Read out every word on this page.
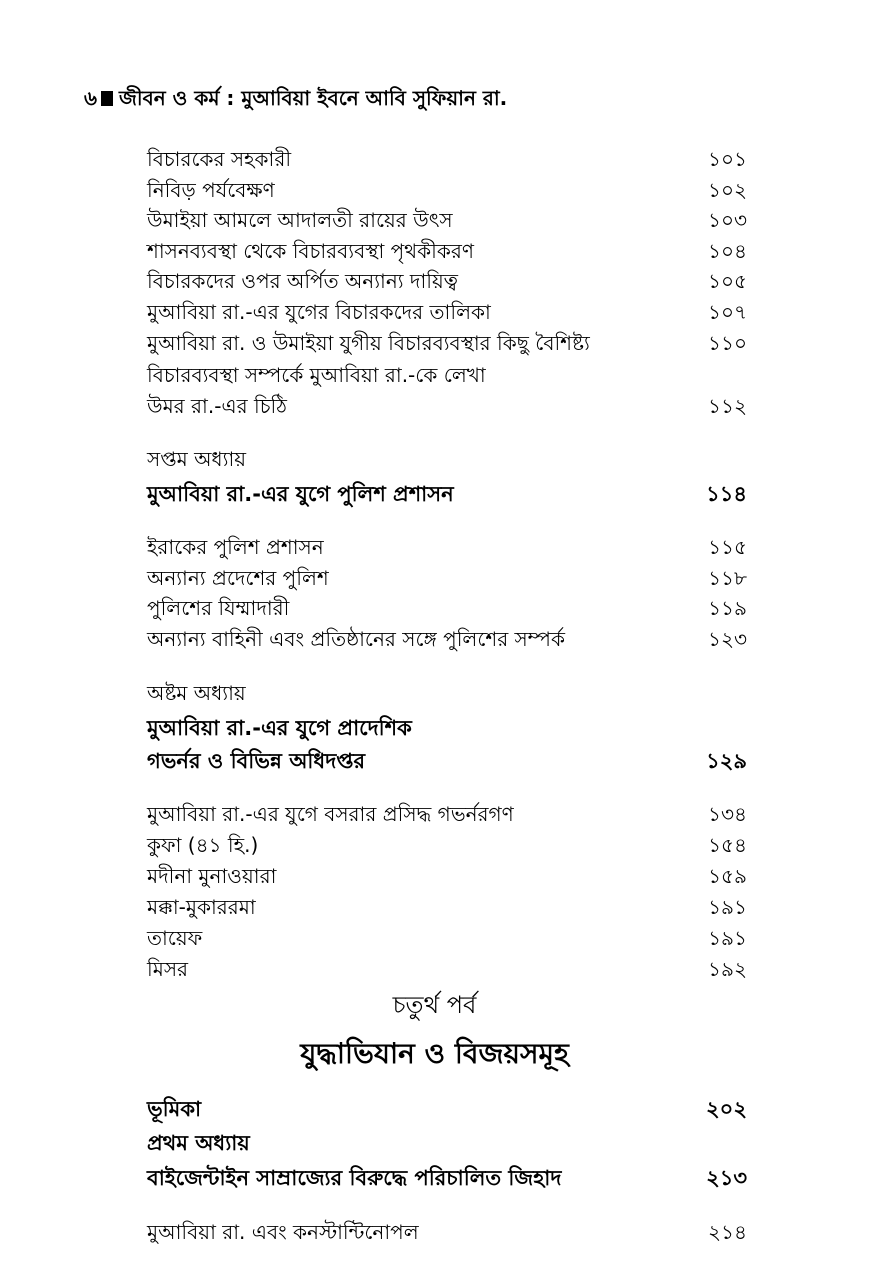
৬ জীবন ও কর্ম : মুআবিয়া ইবনে আবি সুফিয়ান রা.
বিচারকের সহকারী	১০১
নিবিড় পর্যবেক্ষণ	১০২
উমাইয়া আমলে আদালতী রায়ের উৎস	১০৩
শাসনব্যবস্থা থেকে বিচারব্যবস্থা পৃথকীকরণ	১০৪
বিচারকদের ওপর অর্পিত অন্যান্য দায়িত্ব	১০৫
মুআবিয়া রা.-এর যুগের বিচারকদের তালিকা	১০৭
মুআবিয়া রা. ও উমাইয়া যুগীয় বিচারব্যবস্থার কিছু বৈশিষ্ট্য	১১০
বিচারব্যবস্থা সম্পর্কে মুআবিয়া রা.-কে লেখা
উমর রা.-এর চিঠি	১১২
সপ্তম অধ্যায়
মুআবিয়া রা.-এর যুগে পুলিশ প্রশাসন	১১৪
ইরাকের পুলিশ প্রশাসন	১১৫
অন্যান্য প্রদেশের পুলিশ	১১৮
পুলিশের যিম্মাদারী	১১৯
অন্যান্য বাহিনী এবং প্রতিষ্ঠানের সঙ্গে পুলিশের সম্পর্ক	১২৩
অষ্টম অধ্যায়
মুআবিয়া রা.-এর যুগে প্রাদেশিক
গভর্নর ও বিভিন্ন অধিদপ্তর	১২৯
মুআবিয়া রা.-এর যুগে বসরার প্রসিদ্ধ গভর্নরগণ	১৩৪
কুফা (৪১ হি.)	১৫৪
মদীনা মুনাওয়ারা	১৫৯
মক্কা-মুকাররমা	১৯১
তায়েফ	১৯১
মিসর	১৯২
চতুর্থ পর্ব
যুদ্ধাভিযান ও বিজয়সমূহ
ভূমিকা	২০২
প্রথম অধ্যায়
বাইজেন্টাইন সাম্রাজ্যের বিরুদ্ধে পরিচালিত জিহাদ	২১৩
মুআবিয়া রা. এবং কনস্টান্টিনোপল	২১৪
